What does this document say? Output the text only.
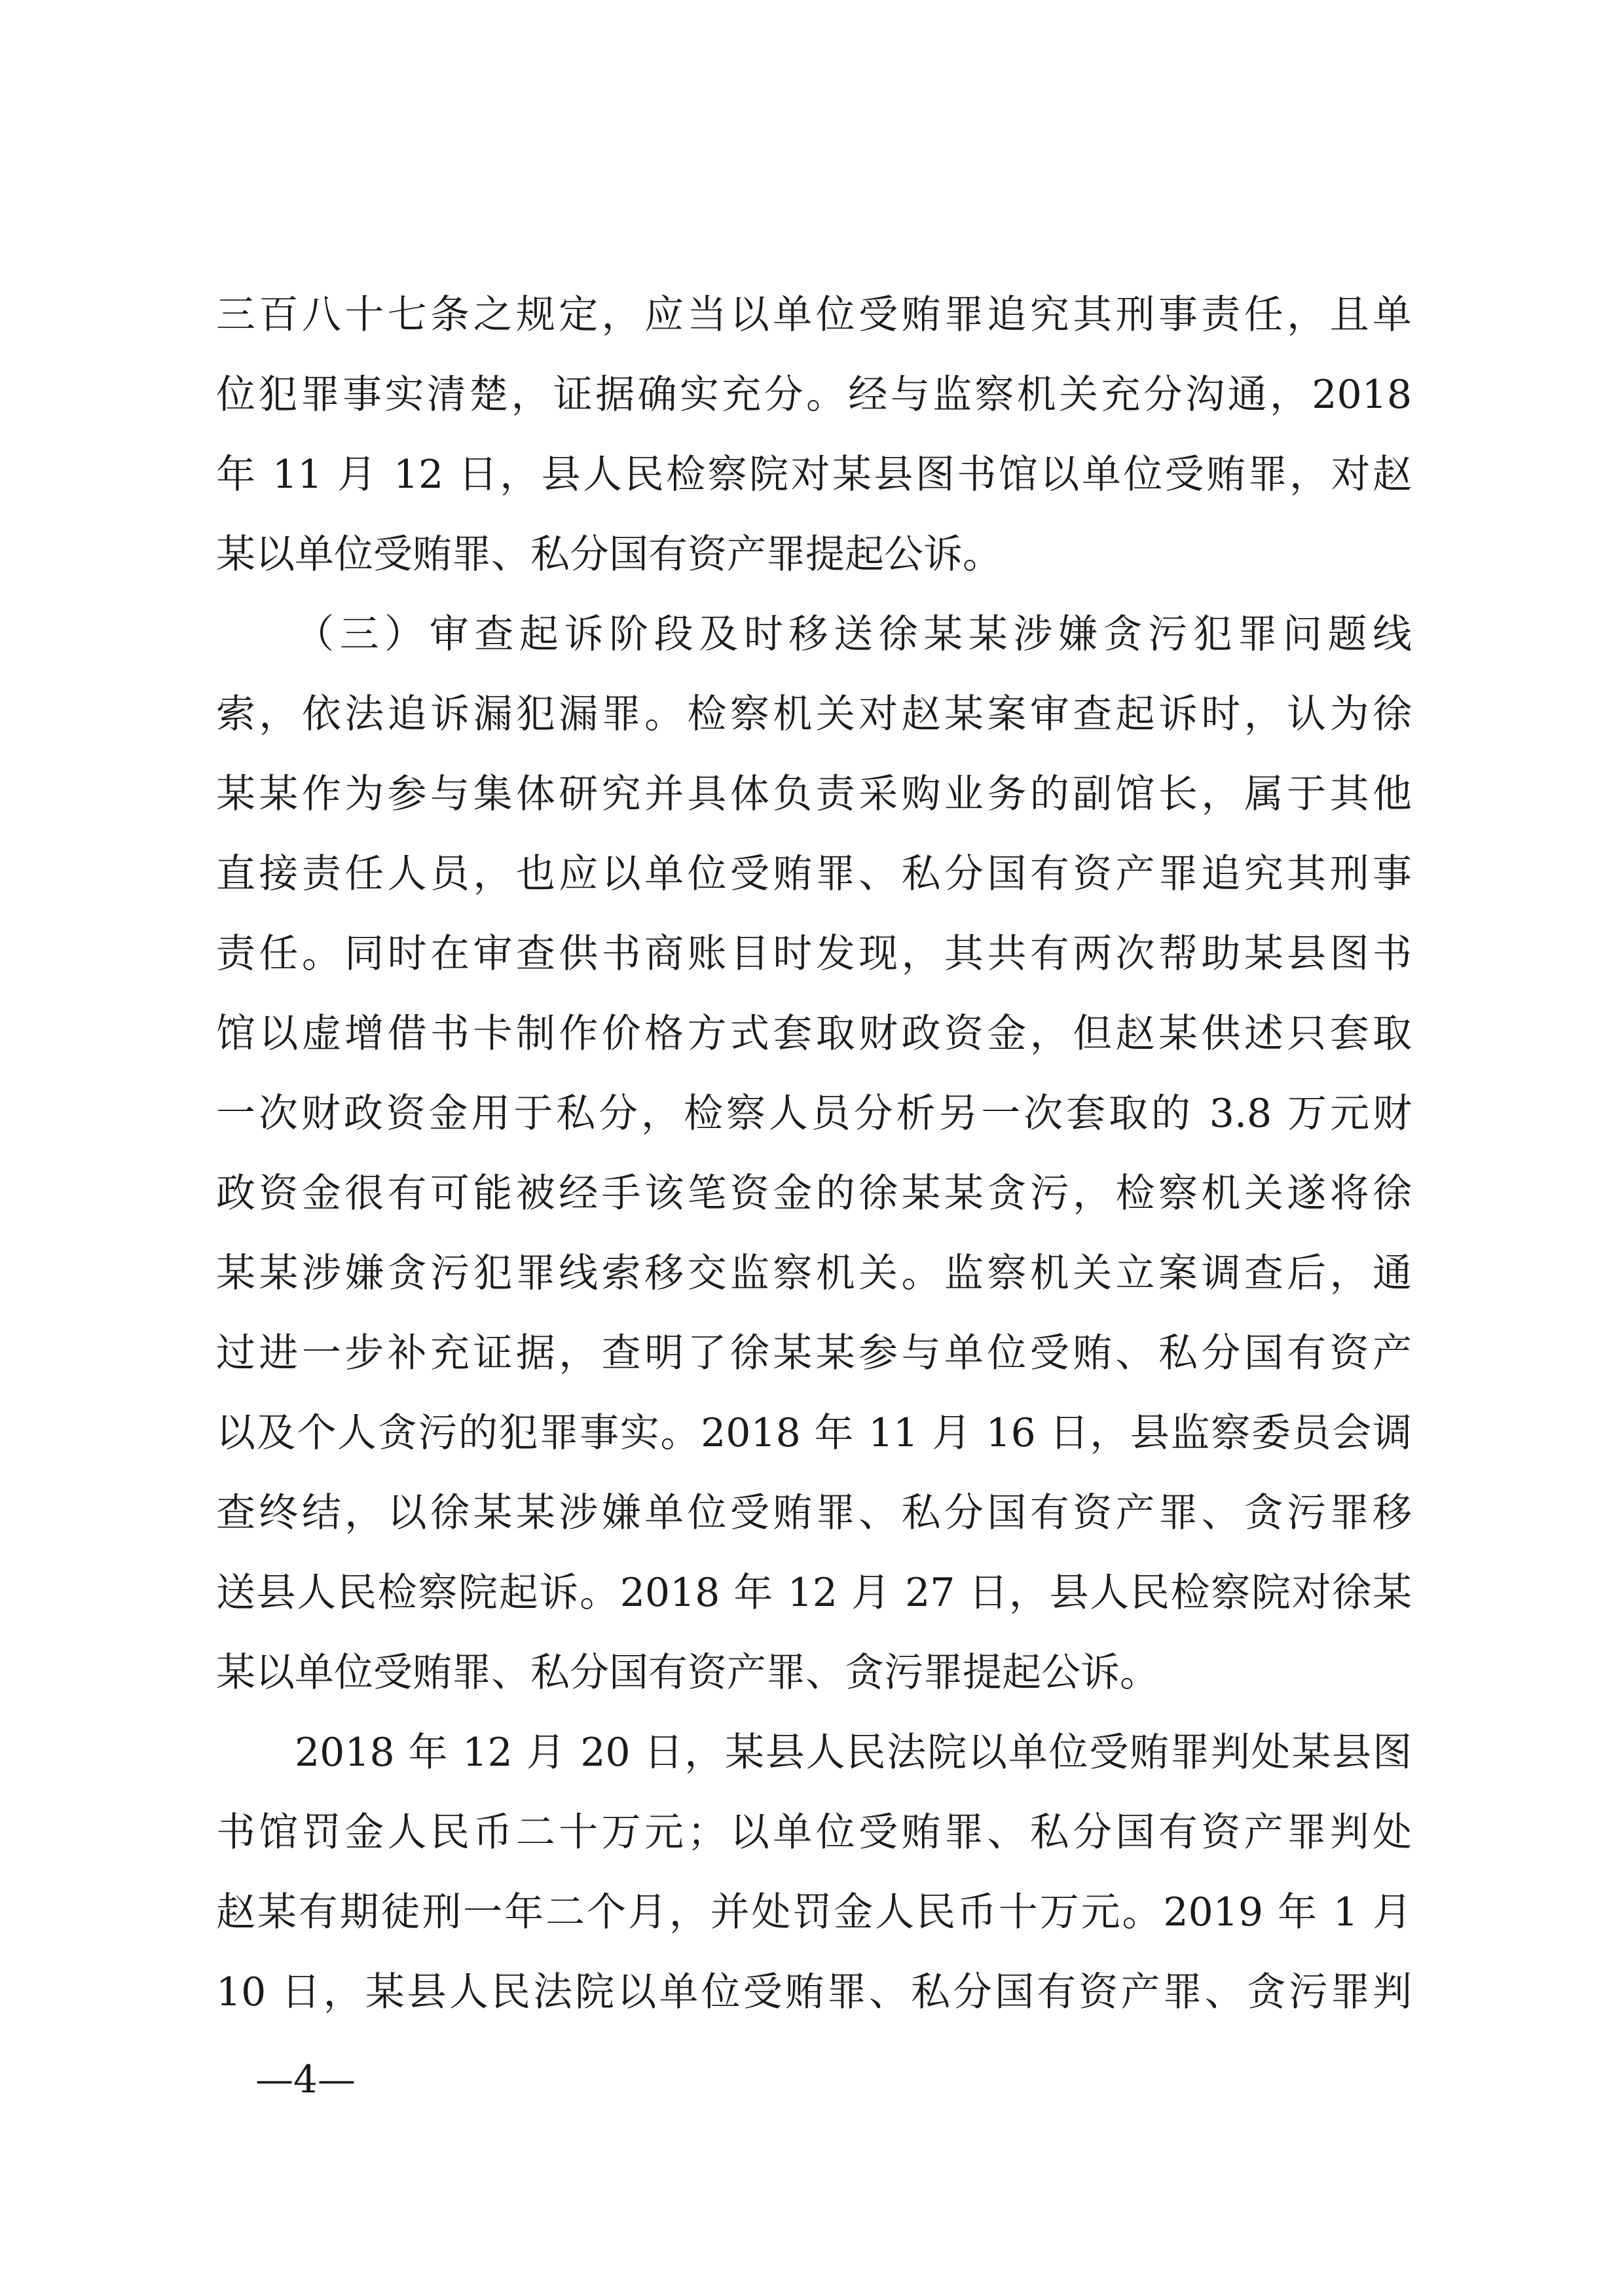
三百八十七条之规定，应当以单位受贿罪追究其刑事责任，且单
位犯罪事实清楚，证据确实充分。经与监察机关充分沟通，2018
年 11 月 12 日，县人民检察院对某县图书馆以单位受贿罪，对赵
某以单位受贿罪、私分国有资产罪提起公诉。
（三）审查起诉阶段及时移送徐某某涉嫌贪污犯罪问题线
索，依法追诉漏犯漏罪。检察机关对赵某案审查起诉时，认为徐
某某作为参与集体研究并具体负责采购业务的副馆长，属于其他
直接责任人员，也应以单位受贿罪、私分国有资产罪追究其刑事
责任。同时在审查供书商账目时发现，其共有两次帮助某县图书
馆以虚增借书卡制作价格方式套取财政资金，但赵某供述只套取
一次财政资金用于私分，检察人员分析另一次套取的 3.8 万元财
政资金很有可能被经手该笔资金的徐某某贪污，检察机关遂将徐
某某涉嫌贪污犯罪线索移交监察机关。监察机关立案调查后，通
过进一步补充证据，查明了徐某某参与单位受贿、私分国有资产
以及个人贪污的犯罪事实。2018 年 11 月 16 日，县监察委员会调
查终结，以徐某某涉嫌单位受贿罪、私分国有资产罪、贪污罪移
送县人民检察院起诉。2018 年 12 月 27 日，县人民检察院对徐某
某以单位受贿罪、私分国有资产罪、贪污罪提起公诉。
2018 年 12 月 20 日，某县人民法院以单位受贿罪判处某县图
书馆罚金人民币二十万元；以单位受贿罪、私分国有资产罪判处
赵某有期徒刑一年二个月，并处罚金人民币十万元。2019 年 1 月
10 日，某县人民法院以单位受贿罪、私分国有资产罪、贪污罪判
—4—
